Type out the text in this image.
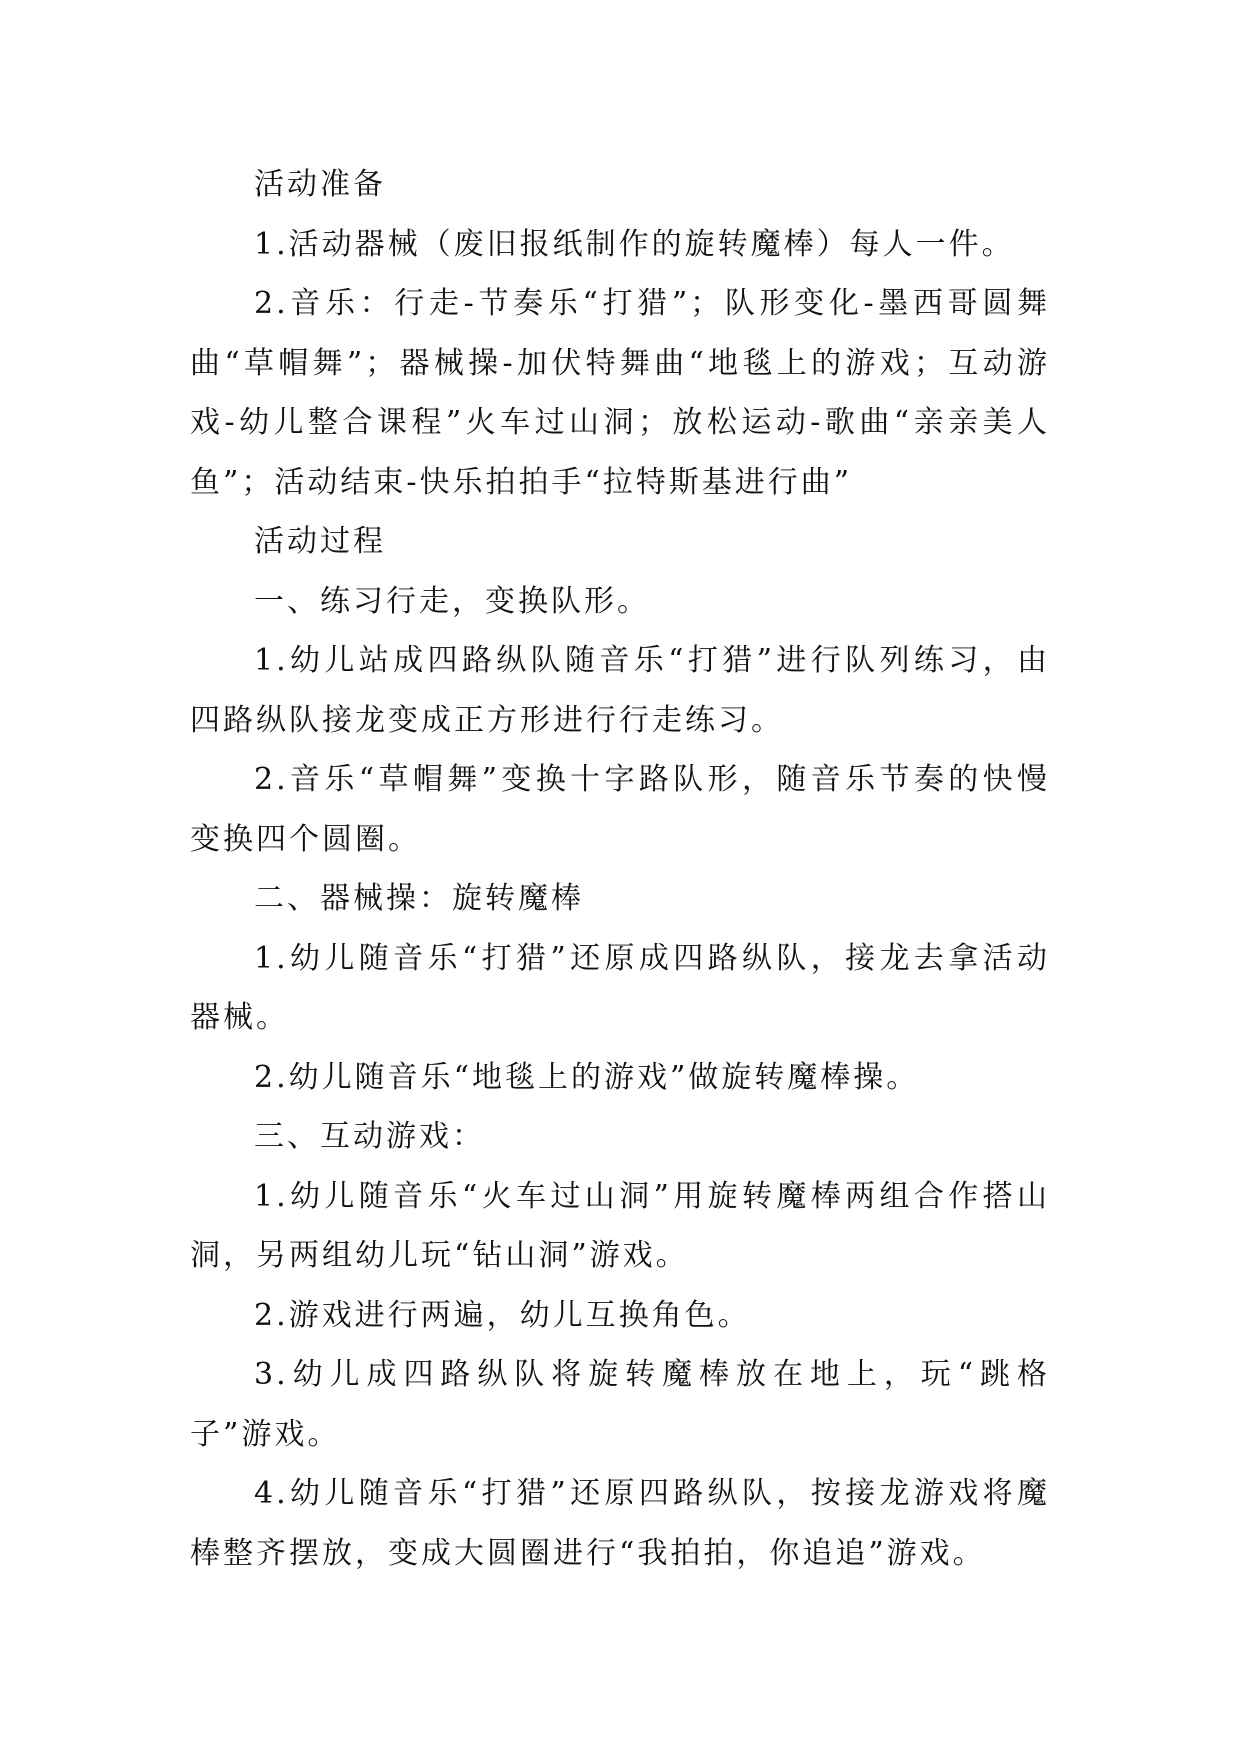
活动准备

1.活动器械（废旧报纸制作的旋转魔棒）每人一件。

2.音乐：行走-节奏乐“打猎”；队形变化-墨西哥圆舞曲“草帽舞”；器械操-加伏特舞曲“地毯上的游戏；互动游戏-幼儿整合课程”火车过山洞；放松运动-歌曲“亲亲美人鱼”；活动结束-快乐拍拍手“拉特斯基进行曲”

活动过程

一、练习行走，变换队形。

1.幼儿站成四路纵队随音乐“打猎”进行队列练习，由四路纵队接龙变成正方形进行行走练习。

2.音乐“草帽舞”变换十字路队形，随音乐节奏的快慢变换四个圆圈。

二、器械操：旋转魔棒

1.幼儿随音乐“打猎”还原成四路纵队，接龙去拿活动器械。

2.幼儿随音乐“地毯上的游戏”做旋转魔棒操。

三、互动游戏：

1.幼儿随音乐“火车过山洞”用旋转魔棒两组合作搭山洞，另两组幼儿玩“钻山洞”游戏。

2.游戏进行两遍，幼儿互换角色。

3.幼儿成四路纵队将旋转魔棒放在地上，玩“跳格子”游戏。

4.幼儿随音乐“打猎”还原四路纵队，按接龙游戏将魔棒整齐摆放，变成大圆圈进行“我拍拍，你追追”游戏。
